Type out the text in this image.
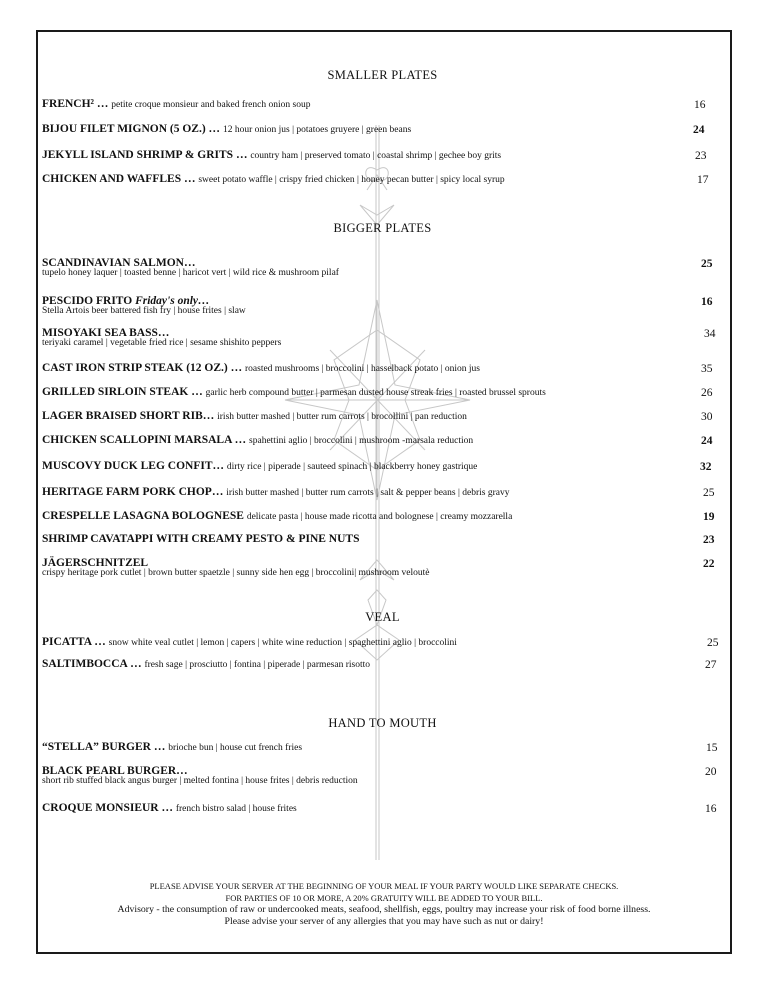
SMALLER PLATES
FRENCH² … petite croque monsieur and baked french onion soup	16
BIJOU FILET MIGNON (5 OZ.) … 12 hour onion jus | potatoes gruyere | green beans	24
JEKYLL ISLAND SHRIMP & GRITS … country ham | preserved tomato | coastal shrimp | gechee boy grits	23
CHICKEN AND WAFFLES … sweet potato waffle | crispy fried chicken | honey pecan butter | spicy local syrup	17
BIGGER PLATES
SCANDINAVIAN SALMON…
tupelo honey laquer | toasted benne | haricot vert | wild rice & mushroom pilaf
25
PESCIDO FRITO Friday's only…
Stella Artois beer battered fish fry | house frites | slaw
16
MISOYAKI SEA BASS…
teriyaki caramel | vegetable fried rice | sesame shishito peppers
34
CAST IRON STRIP STEAK (12 OZ.) … roasted mushrooms | broccolini | hasselback potato | onion jus	35
GRILLED SIRLOIN STEAK … garlic herb compound butter | parmesan dusted house streak fries | roasted brussel sprouts	26
LAGER BRAISED SHORT RIB… irish butter mashed | butter rum carrots | brocollini | pan reduction	30
CHICKEN SCALLOPINI MARSALA … spahettini aglio | broccolini | mushroom -marsala reduction	24
MUSCOVY DUCK LEG CONFIT… dirty rice | piperade | sauteed spinach | blackberry honey gastrique	32
HERITAGE FARM PORK CHOP… irish butter mashed | butter rum carrots | salt & pepper beans | debris gravy	25
CRESPELLE LASAGNA BOLOGNESE delicate pasta | house made ricotta and bolognese | creamy mozzarella	19
SHRIMP CAVATAPPI WITH CREAMY PESTO & PINE NUTS	23
JÄGERSCHNITZEL
crispy heritage pork cutlet | brown butter spaetzle | sunny side hen egg | broccolini| mushroom veloutè
22
VEAL
PICATTA … snow white veal cutlet | lemon | capers | white wine reduction | spaghettini aglio | broccolini	25
SALTIMBOCCA … fresh sage | prosciutto | fontina | piperade | parmesan risotto	27
HAND TO MOUTH
“STELLA” BURGER … brioche bun | house cut french fries	15
BLACK PEARL BURGER…
short rib stuffed black angus burger | melted fontina | house frites | debris reduction
20
CROQUE MONSIEUR … french bistro salad | house frites	16
PLEASE ADVISE YOUR SERVER AT THE BEGINNING OF YOUR MEAL IF YOUR PARTY WOULD LIKE SEPARATE CHECKS.
FOR PARTIES OF 10 OR MORE, A 20% GRATUITY WILL BE ADDED TO YOUR BILL.
Advisory - the consumption of raw or undercooked meats, seafood, shellfish, eggs, poultry may increase your risk of food borne illness.
Please advise your server of any allergies that you may have such as nut or dairy!
